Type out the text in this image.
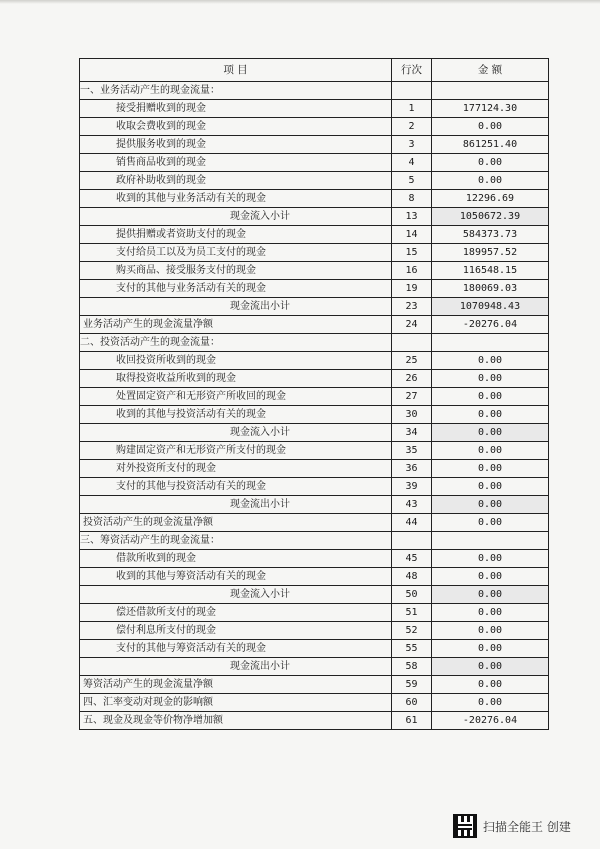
项 目	行次	金 额
一、业务活动产生的现金流量：		
接受捐赠收到的现金	1	177124.30
收取会费收到的现金	2	0.00
提供服务收到的现金	3	861251.40
销售商品收到的现金	4	0.00
政府补助收到的现金	5	0.00
收到的其他与业务活动有关的现金	8	12296.69
现金流入小计	13	1050672.39
提供捐赠或者资助支付的现金	14	584373.73
支付给员工以及为员工支付的现金	15	189957.52
购买商品、接受服务支付的现金	16	116548.15
支付的其他与业务活动有关的现金	19	180069.03
现金流出小计	23	1070948.43
业务活动产生的现金流量净额	24	-20276.04
二、投资活动产生的现金流量：		
收回投资所收到的现金	25	0.00
取得投资收益所收到的现金	26	0.00
处置固定资产和无形资产所收回的现金	27	0.00
收到的其他与投资活动有关的现金	30	0.00
现金流入小计	34	0.00
购建固定资产和无形资产所支付的现金	35	0.00
对外投资所支付的现金	36	0.00
支付的其他与投资活动有关的现金	39	0.00
现金流出小计	43	0.00
投资活动产生的现金流量净额	44	0.00
三、筹资活动产生的现金流量：		
借款所收到的现金	45	0.00
收到的其他与筹资活动有关的现金	48	0.00
现金流入小计	50	0.00
偿还借款所支付的现金	51	0.00
偿付利息所支付的现金	52	0.00
支付的其他与筹资活动有关的现金	55	0.00
现金流出小计	58	0.00
筹资活动产生的现金流量净额	59	0.00
四、汇率变动对现金的影响额	60	0.00
五、现金及现金等价物净增加额	61	-20276.04
扫描全能王 创建
